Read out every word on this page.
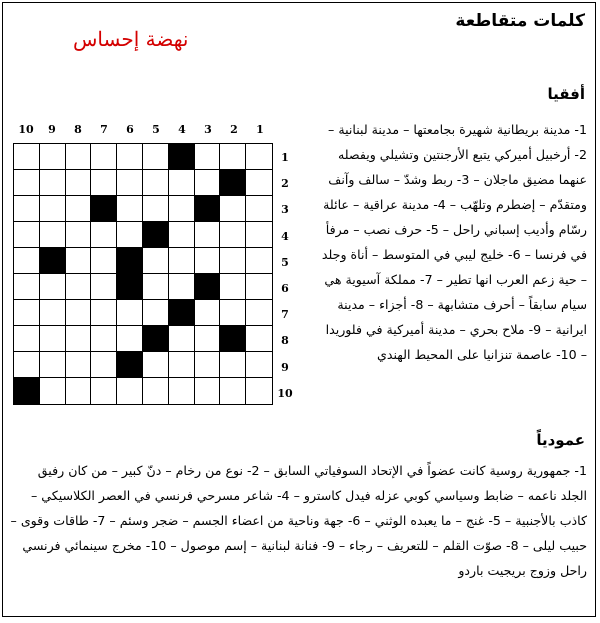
كلمات متقاطعة
نهضة إحساس
أفقيا
1- مدينة بريطانية شهيرة بجامعتها – مدينة لبنانية – 2- أرخبيل أميركي يتبع الأرجنتين وتشيلي ويفصله عنهما مضيق ماجلان – 3- ربط وشدّ – سالف وآنف ومتقدّم – إضطرم وتلهّب – 4- مدينة عراقية – عائلة رسّام وأديب إسباني راحل – 5- حرف نصب – مرفأ في فرنسا – 6- خليج ليبي في المتوسط – أناة وجلد – حية زعم العرب انها تطير – 7- مملكة آسيوية هي سيام سابقاً – أحرف متشابهة – 8- أجزاء – مدينة ايرانية – 9- ملاح بحري – مدينة أميركية في فلوريدا – 10- عاصمة تنزانيا على المحيط الهندي
10	9	8	7	6	5	4	3	2	1
1
2
3
4
5
6
7
8
9
10
عمودياً
1- جمهورية روسية كانت عضواً في الإتحاد السوفياتي السابق – 2- نوع من رخام – دنّ كبير – من كان رفيق الجلد ناعمه – ضابط وسياسي كوبي عزله فيدل كاسترو – 4- شاعر مسرحي فرنسي في العصر الكلاسيكي – كاذب بالأجنبية – 5- غنج – ما يعبده الوثني – 6- جهة وناحية من اعضاء الجسم – ضجر وسئم – 7- طاقات وقوى – حبيب ليلى – 8- صوّت القلم – للتعريف – رجاء – 9- فنانة لبنانية – إسم موصول – 10- مخرج سينمائي فرنسي راحل وزوج بريجيت باردو
